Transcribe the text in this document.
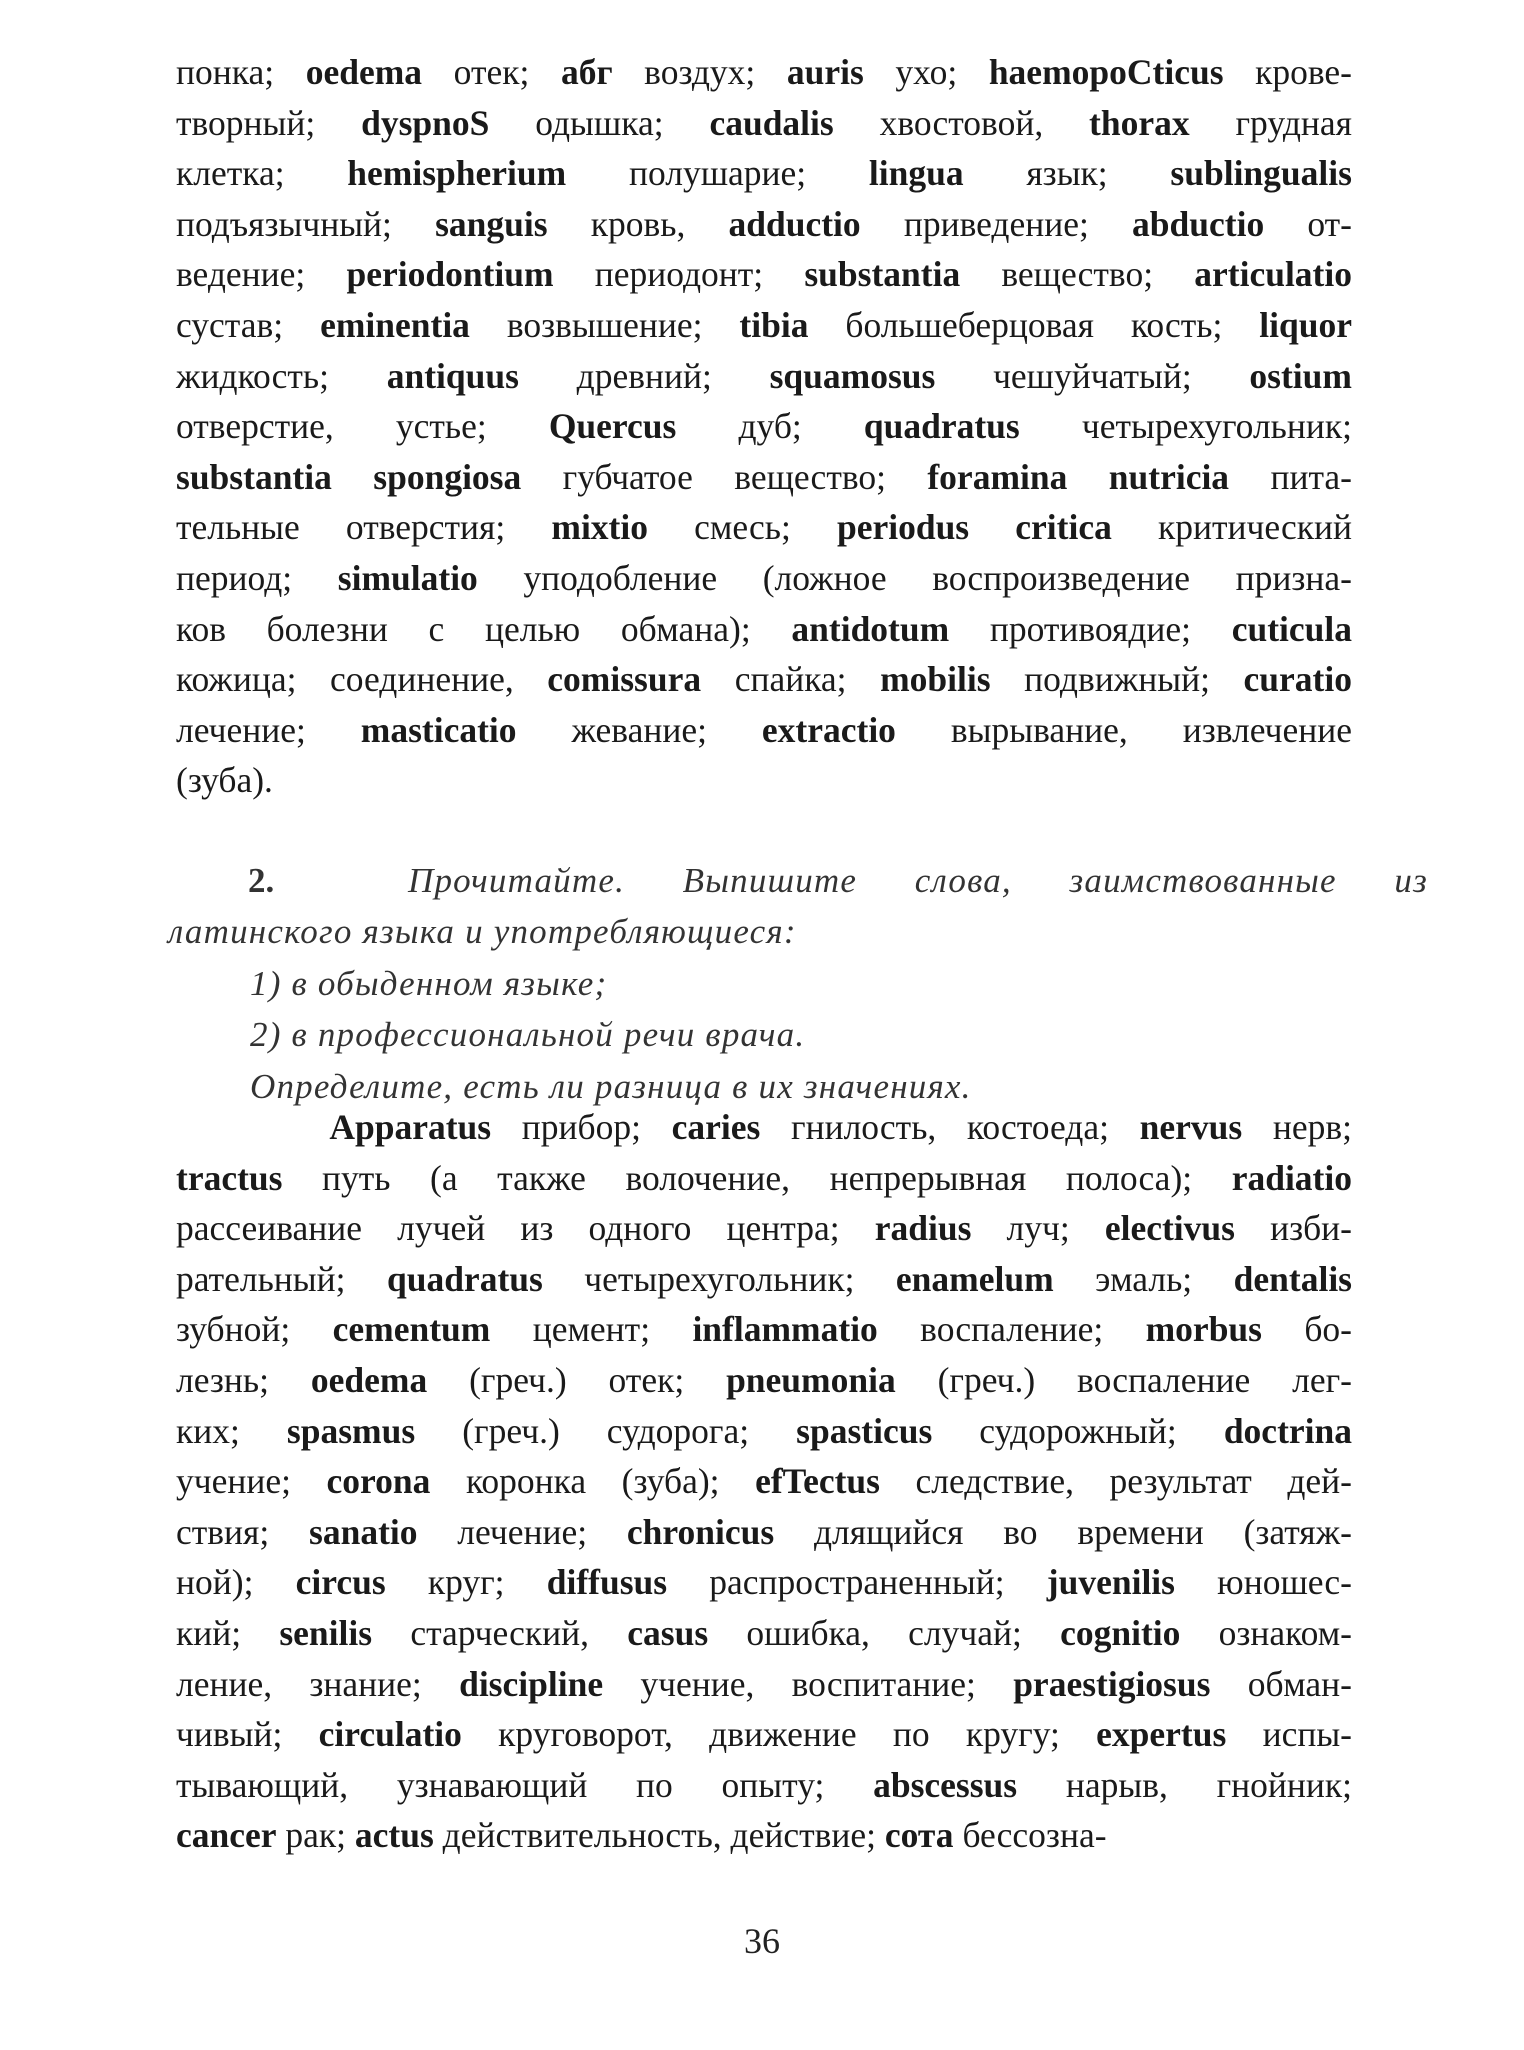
понка; oedema отек; абг воздух; auris ухо; haemopoCticus крове-
творный; dyspnoS одышка; caudalis хвостовой, thorax грудная
клетка; hemispherium полушарие; lingua язык; sublingualis
подъязычный; sanguis кровь, adductio приведение; abductio от-
ведение; periodontium периодонт; substantia вещество; articulatio
сустав; eminentia возвышение; tibia большеберцовая кость; liquor
жидкость; antiquus древний; squamosus чешуйчатый; ostium
отверстие, устье; Quercus дуб; quadratus четырехугольник;
substantia spongiosa губчатое вещество; foramina nutricia пита-
тельные отверстия; mixtio смесь; periodus critica критический
период; simulatio уподобление (ложное воспроизведение призна-
ков болезни с целью обмана); antidotum противоядие; cuticula
кожица; соединение, comissura спайка; mobilis подвижный; curatio
лечение; masticatio жевание; extractio вырывание, извлечение
(зуба).
2.	Прочитайте. Выпишите слова, заимствованные из
латинского языка и употребляющиеся:
1) в обыденном языке;
2) в профессиональной речи врача.
Определите, есть ли разница в их значениях.
Apparatus прибор; caries гнилость, костоеда; nervus нерв;
tractus путь (а также волочение, непрерывная полоса); radiatio
рассеивание лучей из одного центра; radius луч; electivus изби-
рательный; quadratus четырехугольник; enamelum эмаль; dentalis
зубной; cementum цемент; inflammatio воспаление; morbus бо-
лезнь; oedema (греч.) отек; pneumonia (греч.) воспаление лег-
ких; spasmus (греч.) судорога; spasticus судорожный; doctrina
учение; corona коронка (зуба); efTectus следствие, результат дей-
ствия; sanatio лечение; chronicus длящийся во времени (затяж-
ной); circus круг; diffusus распространенный; juvenilis юношес-
кий; senilis старческий, casus ошибка, случай; cognitio ознаком-
ление, знание; discipline учение, воспитание; praestigiosus обман-
чивый; circulatio круговорот, движение по кругу; expertus испы-
тывающий, узнавающий по опыту; abscessus нарыв, гнойник;
cancer рак; actus действительность, действие; сота бессозна-
36
